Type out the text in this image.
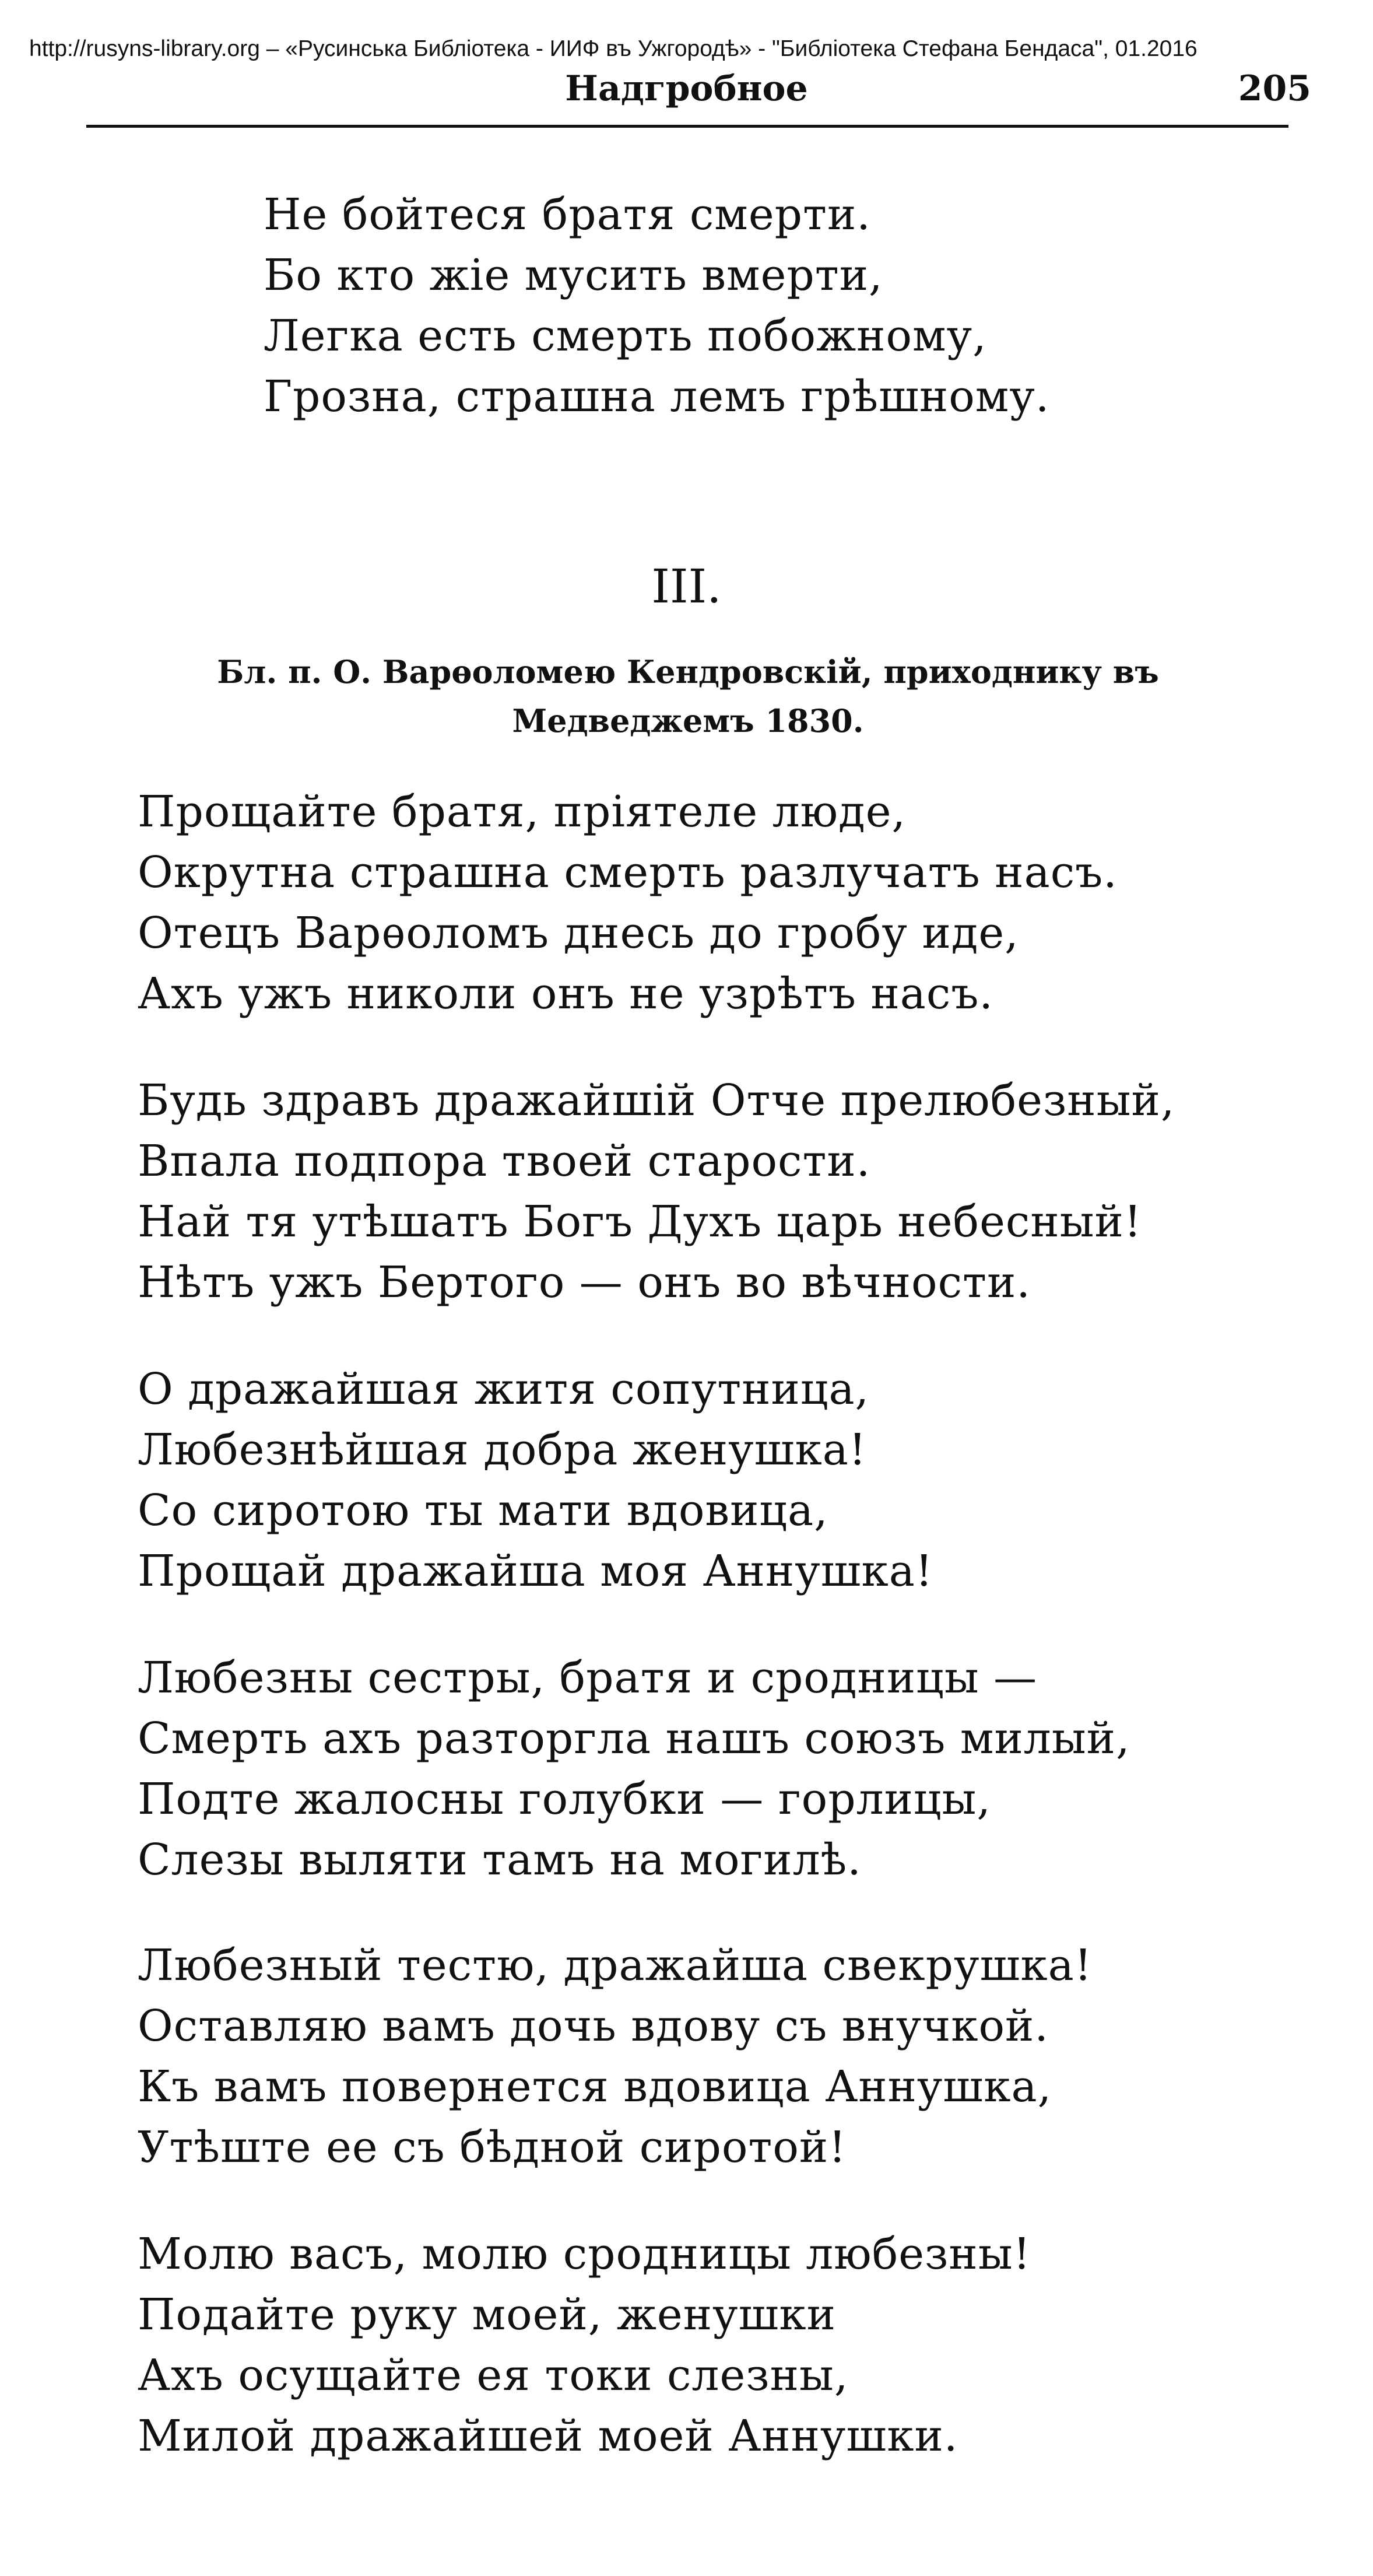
http://rusyns-library.org – «Русинська Библіотека - ИИФ въ Ужгородѣ» - "Библіотека Стефана Бендаса", 01.2016
Надгробное	205
Не бойтеся братя смерти.
Бо кто жіе мусить вмерти,
Легка есть смерть побожному,
Грозна, страшна лемъ грѣшному.
III.
Бл. п. О. Варѳоломею Кендровскій, приходнику въ
Медведжемъ 1830.
Прощайте братя, пріятеле люде,
Окрутна страшна смерть разлучатъ насъ.
Отецъ Варѳоломъ днесь до гробу иде,
Ахъ ужъ николи онъ не узрѣтъ насъ.
Будь здравъ дражайшій Отче прелюбезный,
Впала подпора твоей старости.
Най тя утѣшатъ Богъ Духъ царь небесный!
Нѣтъ ужъ Бертого — онъ во вѣчности.
О дражайшая житя сопутница,
Любезнѣйшая добра женушка!
Со сиротою ты мати вдовица,
Прощай дражайша моя Аннушка!
Любезны сестры, братя и сродницы —
Смерть ахъ разторгла нашъ союзъ милый,
Подте жалосны голубки — горлицы,
Слезы выляти тамъ на могилѣ.
Любезный тестю, дражайша свекрушка!
Оставляю вамъ дочь вдову съ внучкой.
Къ вамъ повернется вдовица Аннушка,
Утѣште ее съ бѣдной сиротой!
Молю васъ, молю сродницы любезны!
Подайте руку моей, женушки
Ахъ осущайте ея токи слезны,
Милой дражайшей моей Аннушки.
